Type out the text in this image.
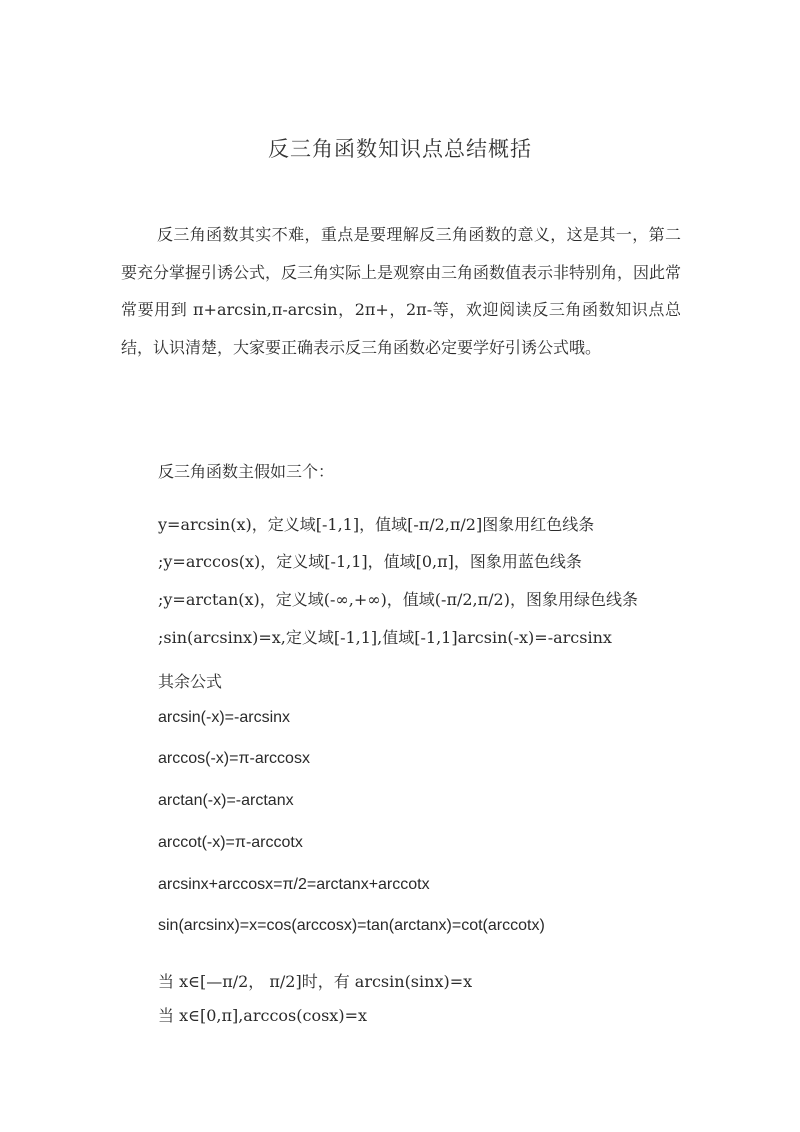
反三角函数知识点总结概括

反三角函数其实不难，重点是要理解反三角函数的意义，这是其一，第二要充分掌握引诱公式，反三角实际上是观察由三角函数值表示非特别角，因此常常要用到 π+arcsin,π-arcsin，2π+，2π-等，欢迎阅读反三角函数知识点总结，认识清楚，大家要正确表示反三角函数必定要学好引诱公式哦。

反三角函数主假如三个：
y=arcsin(x)，定义域[-1,1]，值域[-π/2,π/2]图象用红色线条
;y=arccos(x)，定义域[-1,1]，值域[0,π]，图象用蓝色线条
;y=arctan(x)，定义域(-∞,+∞)，值域(-π/2,π/2)，图象用绿色线条
;sin(arcsinx)=x,定义域[-1,1],值域[-1,1]arcsin(-x)=-arcsinx
其余公式
arcsin(-x)=-arcsinx
arccos(-x)=π-arccosx
arctan(-x)=-arctanx
arccot(-x)=π-arccotx
arcsinx+arccosx=π/2=arctanx+arccotx
sin(arcsinx)=x=cos(arccosx)=tan(arctanx)=cot(arccotx)
当 x∈[—π/2， π/2]时，有 arcsin(sinx)=x
当 x∈[0,π],arccos(cosx)=x
